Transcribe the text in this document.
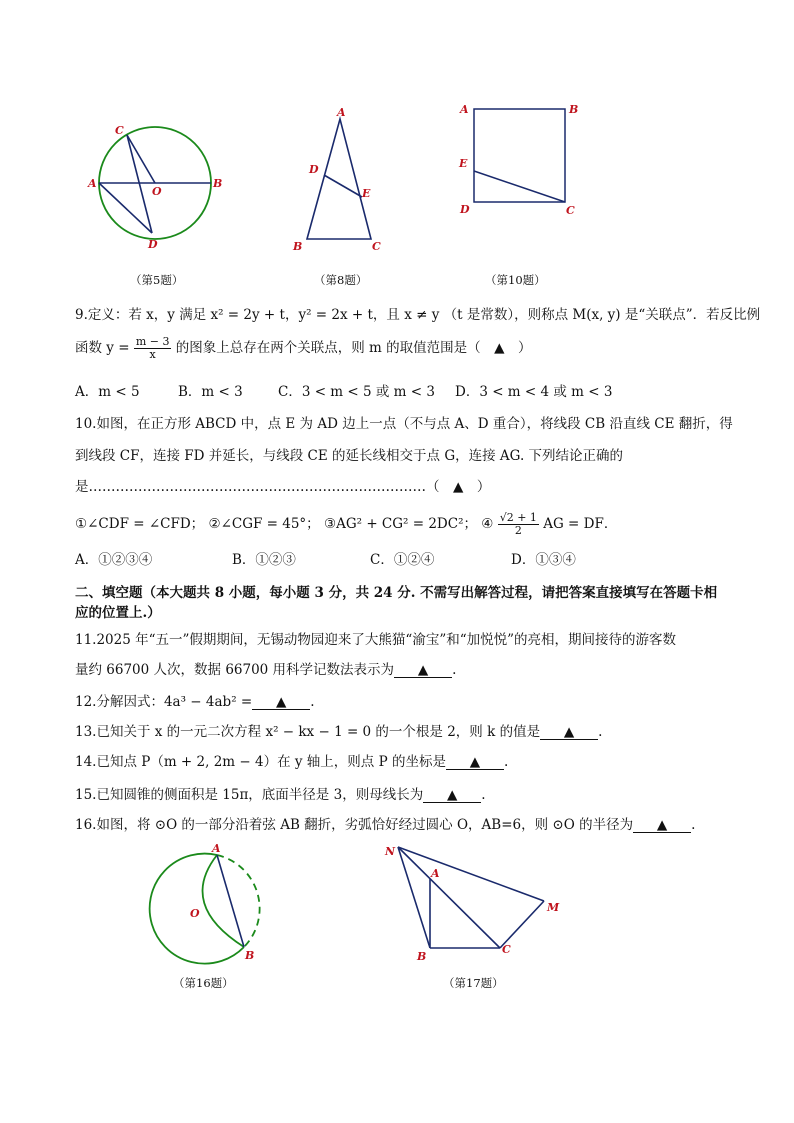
C
A
O
B
D
（第5题）
A
D
E
B	C
（第8题）
A	B
E
D	C
（第10题）
9.定义：若 x，y 满足 x² = 2y + t，y² = 2x + t，且 x ≠ y （t 是常数），则称点 M(x, y) 是“关联点”．若反比例
函数 $y = \frac{m - 3}{x}$ 的图象上总存在两个关联点，则 m 的取值范围是（　▲　）
A．m < 5	B．m < 3	C．3 < m < 5 或 m < 3 D．3 < m < 4 或 m < 3
10.如图，在正方形 ABCD 中，点 E 为 AD 边上一点（不与点 A、D 重合），将线段 CB 沿直线 CE 翻折，得
到线段 CF，连接 FD 并延长，与线段 CE 的延长线相交于点 G，连接 AG. 下列结论正确的
是…………………………………………………………………（　▲　）
①∠CDF = ∠CFD； ②∠CGF = 45°； ③AG² + CG² = 2DC²； ④ $\frac{√2 + 1}{2}$ AG = DF．
A．①②③④	B．①②③	C．①②④	D．①③④
二、填空题（本大题共 8 小题，每小题 3 分，共 24 分. 不需写出解答过程，请把答案直接填写在答题卡相
应的位置上.）
11.2025 年“五一”假期期间，无锡动物园迎来了大熊猫“渝宝”和“加悦悦”的亮相，期间接待的游客数
量约 66700 人次，数据 66700 用科学记数法表示为 ▲ .
12.分解因式：4a³ − 4ab² = ▲ .
13.已知关于 x 的一元二次方程 x² − kx − 1 = 0 的一个根是 2，则 k 的值是 ▲ .
14.已知点 P（m + 2, 2m − 4）在 y 轴上，则点 P 的坐标是 ▲ .
15.已知圆锥的侧面积是 15π，底面半径是 3，则母线长为 ▲ .
16.如图，将 ⊙O 的一部分沿着弦 AB 翻折，劣弧恰好经过圆心 O，AB=6，则 ⊙O 的半径为 ▲ .
A
O
B
（第16题）
N
A
M
B
C
（第17题）
